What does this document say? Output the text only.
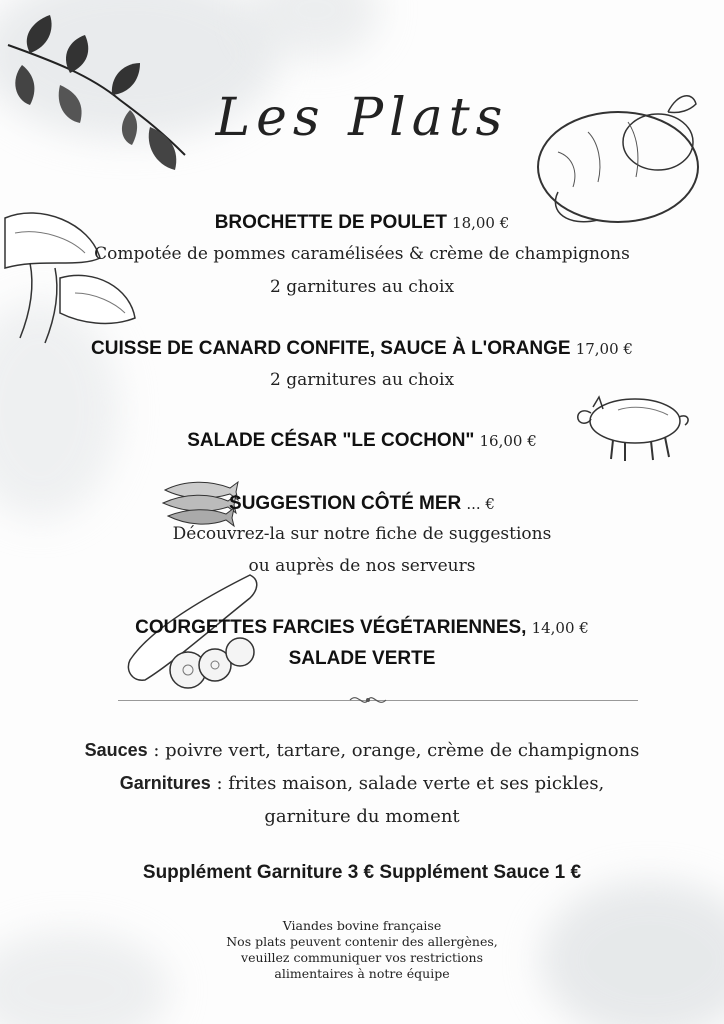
Les Plats
BROCHETTE DE POULET 18,00 €
Compotée de pommes caramélisées & crème de champignons
2 garnitures au choix
CUISSE DE CANARD CONFITE, SAUCE À L'ORANGE 17,00 €
2 garnitures au choix
SALADE CÉSAR "LE COCHON" 16,00 €
SUGGESTION CÔTÉ MER ... €
Découvrez-la sur notre fiche de suggestions
ou auprès de nos serveurs
COURGETTES FARCIES VÉGÉTARIENNES, 14,00 €
SALADE VERTE
Sauces : poivre vert, tartare, orange, crème de champignons
Garnitures : frites maison, salade verte et ses pickles,
garniture du moment
Supplément Garniture 3 € Supplément Sauce 1 €
Viandes bovine française
Nos plats peuvent contenir des allergènes,
veuillez communiquer vos restrictions
alimentaires à notre équipe
